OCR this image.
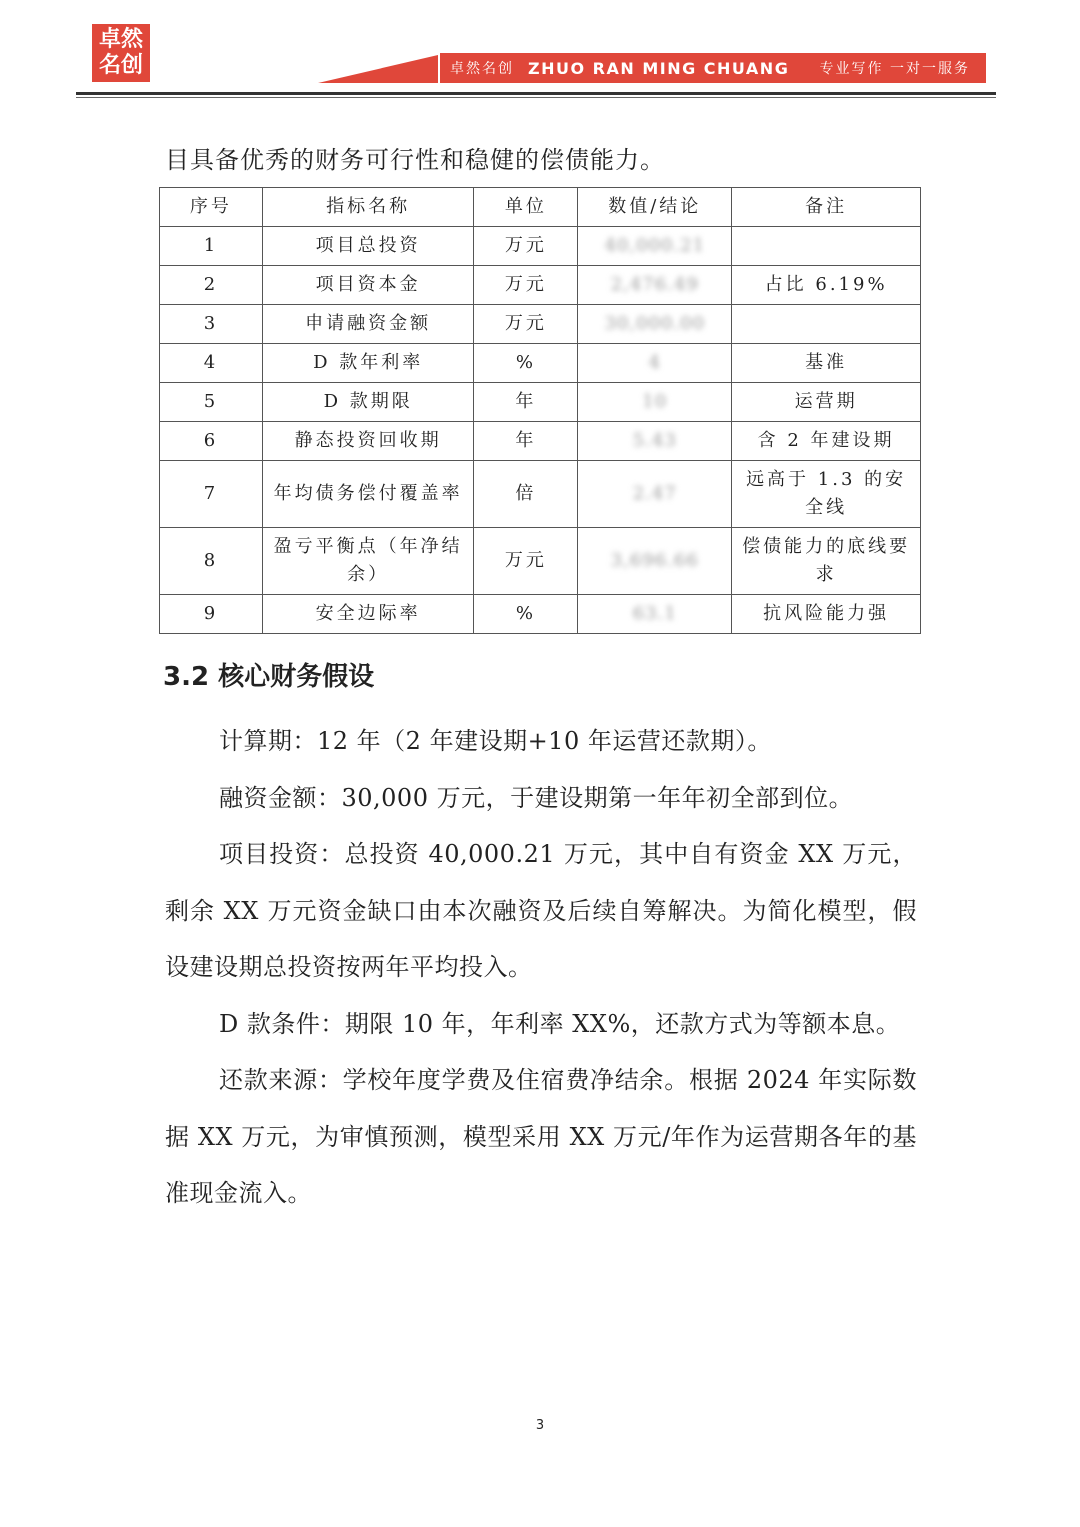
卓然
名创	卓然名创 ZHUO RAN MING CHUANG 专业写作 一对一服务
目具备优秀的财务可行性和稳健的偿债能力。
序号	指标名称	单位	数值/结论	备注
1	项目总投资	万元	40,000.21	
2	项目资本金	万元	2,476.49	占比 6.19%
3	申请融资金额	万元	30,000.00	
4	D 款年利率	%	4	基准
5	D 款期限	年	10	运营期
6	静态投资回收期	年	5.43	含 2 年建设期
7	年均债务偿付覆盖率	倍	2.47	远高于 1.3 的安全线
8	盈亏平衡点（年净结余）	万元	3,696.66	偿债能力的底线要求
9	安全边际率	%	63.1	抗风险能力强
3.2 核心财务假设

计算期：12 年（2 年建设期+10 年运营还款期）。

融资金额：30,000 万元，于建设期第一年年初全部到位。

项目投资：总投资 40,000.21 万元，其中自有资金 XX 万元，剩余 XX 万元资金缺口由本次融资及后续自筹解决。为简化模型，假设建设期总投资按两年平均投入。

D 款条件：期限 10 年，年利率 XX%，还款方式为等额本息。

还款来源：学校年度学费及住宿费净结余。根据 2024 年实际数据 XX 万元，为审慎预测，模型采用 XX 万元/年作为运营期各年的基准现金流入。

3
